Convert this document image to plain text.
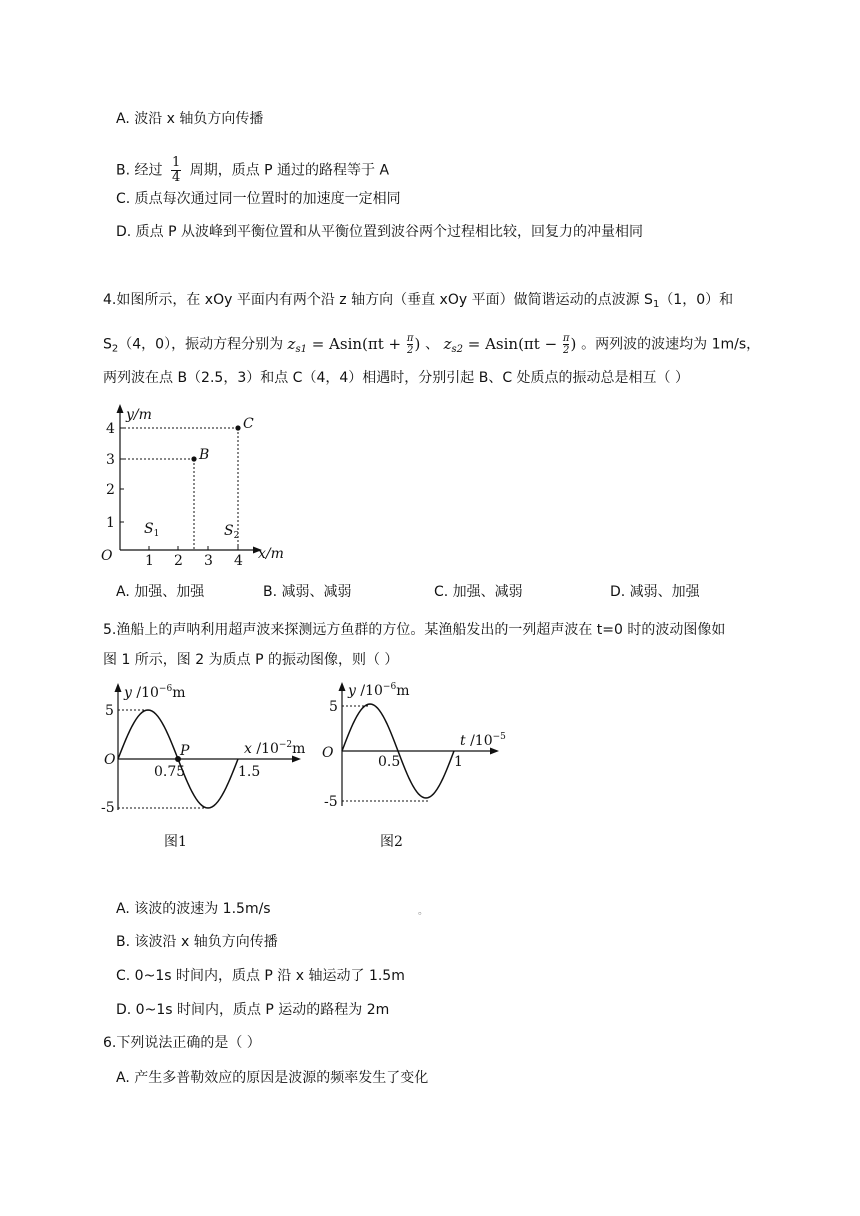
A. 波沿 x 轴负方向传播
B. 经过 $\frac{1}{4}$ 周期，质点 P 通过的路程等于 A
C. 质点每次通过同一位置时的加速度一定相同
D. 质点 P 从波峰到平衡位置和从平衡位置到波谷两个过程相比较，回复力的冲量相同
4.如图所示，在 xOy 平面内有两个沿 z 轴方向（垂直 xOy 平面）做简谐运动的点波源 $S_1(1$，0）和
$S_2(4$，0），振动方程分别为 $z_{s1} = Asin(\pi t + \frac{\pi}{2})$ 、 $z_{s2} = Asin(\pi t - \frac{\pi}{2})$ 。两列波的波速均为 1m/s，
两列波在点 B（2.5，3）和点 C（4，4）相遇时，分别引起 B、C 处质点的振动总是相互（ ）
y/m
x/m
O
1
2
3
4
1 2 3 4
B
C
$S_1$	$S_2$
A. 加强、加强	B. 减弱、减弱	C. 加强、减弱	D. 减弱、加强
5.渔船上的声呐利用超声波来探测远方鱼群的方位。某渔船发出的一列超声波在 t=0 时的波动图像如
图 1 所示，图 2 为质点 P 的振动图像，则（ ）
P
y $/10^{-6}m$
x $/10^{-2}m$
O
5
-5
0.75	1.5
图1
y $/10^{-6}m$
t $/10^{-5}$
O
5
-5
0.5	1
图2
A. 该波的波速为 1.5m/s	。
B. 该波沿 x 轴负方向传播
C. 0~1s 时间内，质点 P 沿 x 轴运动了 1.5m
D. 0~1s 时间内，质点 P 运动的路程为 2m
6.下列说法正确的是（ ）
A. 产生多普勒效应的原因是波源的频率发生了变化
